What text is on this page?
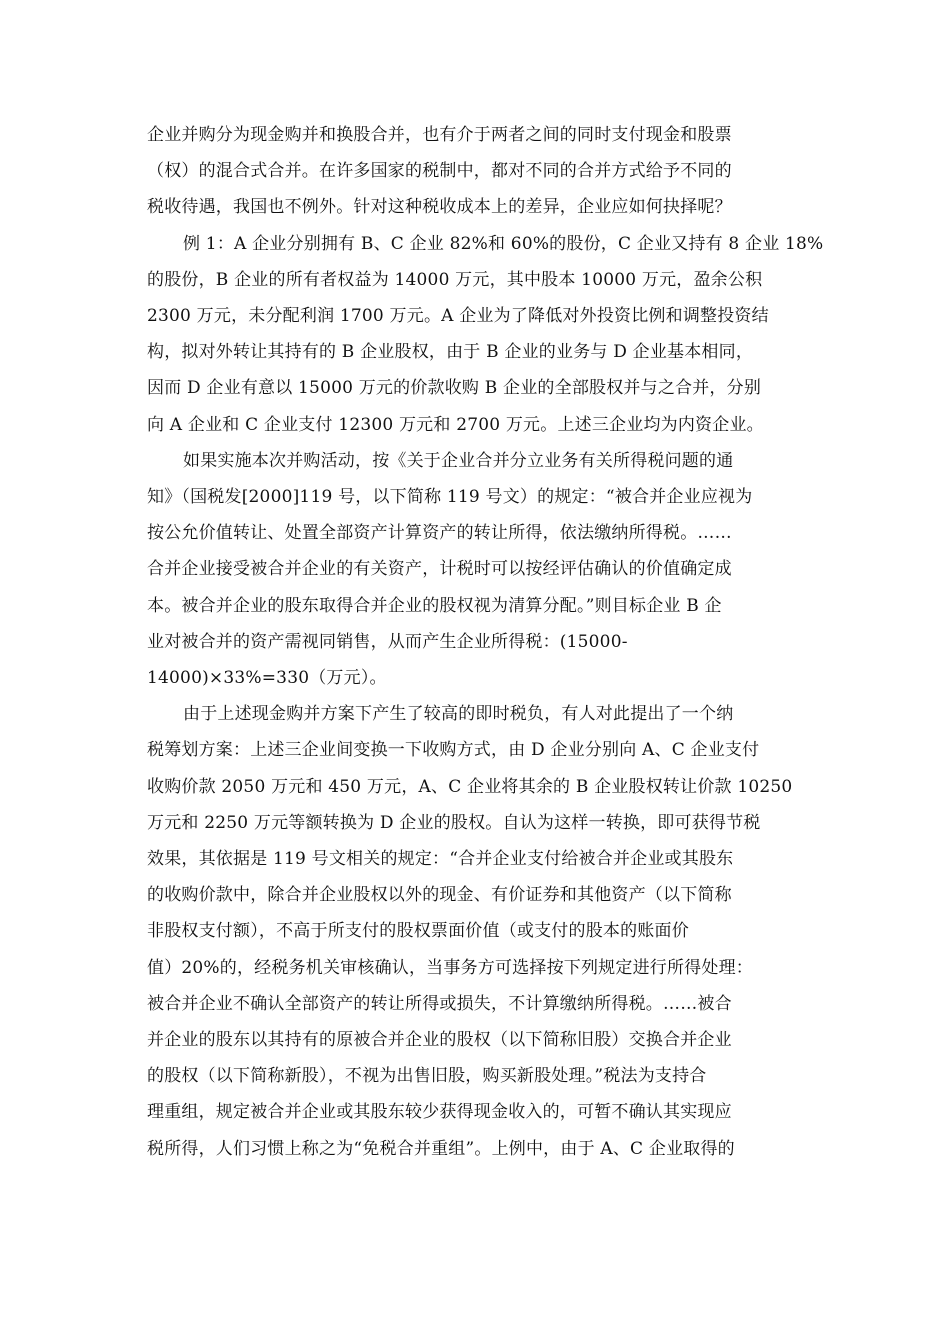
企业并购分为现金购并和换股合并，也有介于两者之间的同时支付现金和股票
（权）的混合式合并。在许多国家的税制中，都对不同的合并方式给予不同的
税收待遇，我国也不例外。针对这种税收成本上的差异，企业应如何抉择呢？
例 1：A 企业分别拥有 B、C 企业 82%和 60%的股份，C 企业又持有 8 企业 18%
的股份，B 企业的所有者权益为 14000 万元，其中股本 10000 万元，盈余公积
2300 万元，未分配利润 1700 万元。A 企业为了降低对外投资比例和调整投资结
构，拟对外转让其持有的 B 企业股权，由于 B 企业的业务与 D 企业基本相同，
因而 D 企业有意以 15000 万元的价款收购 B 企业的全部股权并与之合并，分别
向 A 企业和 C 企业支付 12300 万元和 2700 万元。上述三企业均为内资企业。
如果实施本次并购活动，按《关于企业合并分立业务有关所得税问题的通
知》（国税发[2000]119 号，以下简称 119 号文）的规定：“被合并企业应视为
按公允价值转让、处置全部资产计算资产的转让所得，依法缴纳所得税。……
合并企业接受被合并企业的有关资产，计税时可以按经评估确认的价值确定成
本。被合并企业的股东取得合并企业的股权视为清算分配。”则目标企业 B 企
业对被合并的资产需视同销售，从而产生企业所得税：(15000-
14000)×33%=330（万元）。
由于上述现金购并方案下产生了较高的即时税负，有人对此提出了一个纳
税筹划方案：上述三企业间变换一下收购方式，由 D 企业分别向 A、C 企业支付
收购价款 2050 万元和 450 万元，A、C 企业将其余的 B 企业股权转让价款 10250
万元和 2250 万元等额转换为 D 企业的股权。自认为这样一转换，即可获得节税
效果，其依据是 119 号文相关的规定：“合并企业支付给被合并企业或其股东
的收购价款中，除合并企业股权以外的现金、有价证券和其他资产（以下简称
非股权支付额），不高于所支付的股权票面价值（或支付的股本的账面价
值）20%的，经税务机关审核确认，当事务方可选择按下列规定进行所得处理：
被合并企业不确认全部资产的转让所得或损失，不计算缴纳所得税。……被合
并企业的股东以其持有的原被合并企业的股权（以下简称旧股）交换合并企业
的股权（以下简称新股），不视为出售旧股，购买新股处理。”税法为支持合
理重组，规定被合并企业或其股东较少获得现金收入的，可暂不确认其实现应
税所得，人们习惯上称之为“免税合并重组”。上例中，由于 A、C 企业取得的
